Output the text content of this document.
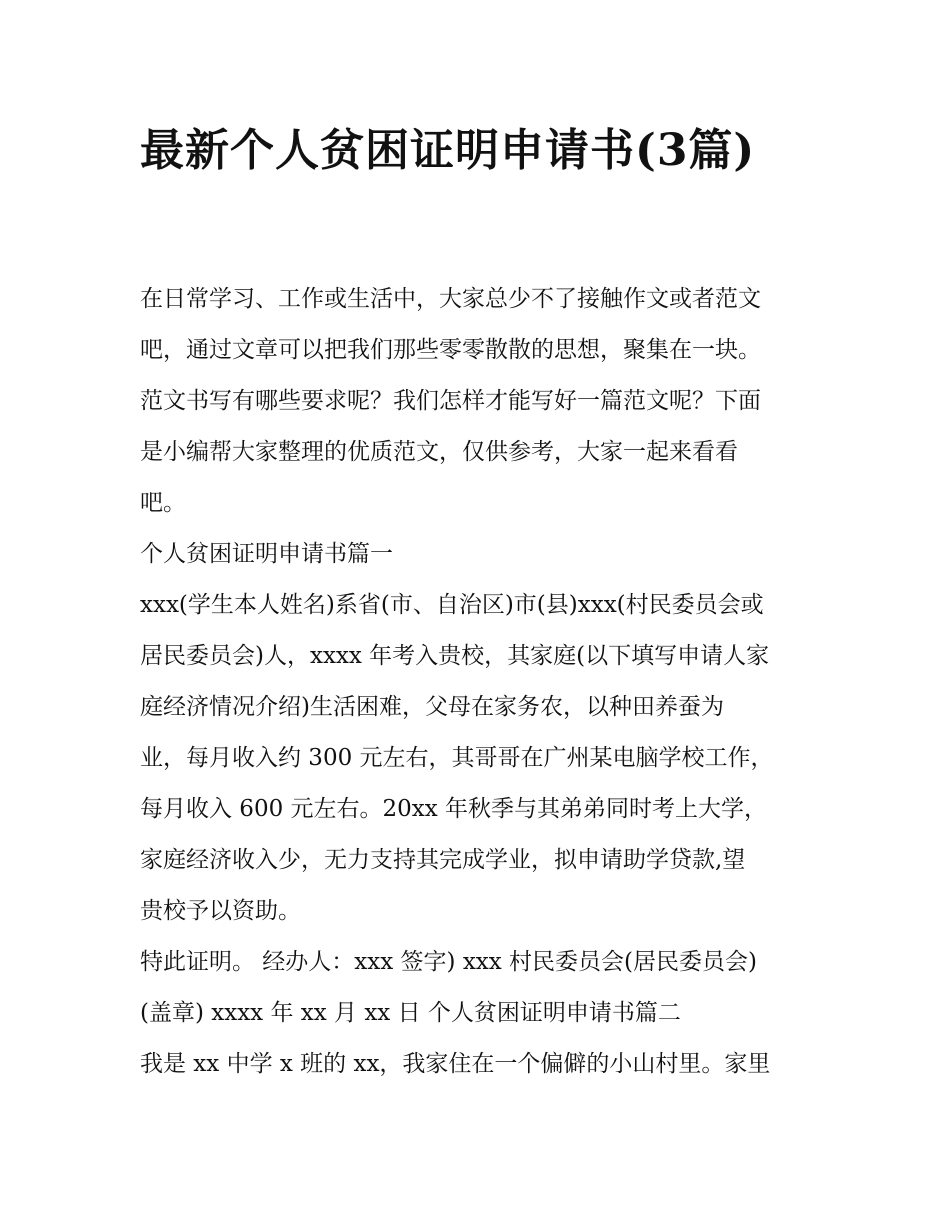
最新个人贫困证明申请书(3篇)
在日常学习、工作或生活中，大家总少不了接触作文或者范文
吧，通过文章可以把我们那些零零散散的思想，聚集在一块。
范文书写有哪些要求呢？我们怎样才能写好一篇范文呢？下面
是小编帮大家整理的优质范文，仅供参考，大家一起来看看
吧。
个人贫困证明申请书篇一
xxx(学生本人姓名)系省(市、自治区)市(县)xxx(村民委员会或
居民委员会)人，xxxx 年考入贵校，其家庭(以下填写申请人家
庭经济情况介绍)生活困难，父母在家务农，以种田养蚕为
业，每月收入约 300 元左右，其哥哥在广州某电脑学校工作，
每月收入 600 元左右。20xx 年秋季与其弟弟同时考上大学，
家庭经济收入少，无力支持其完成学业，拟申请助学贷款,望
贵校予以资助。
特此证明。 经办人：xxx 签字) xxx 村民委员会(居民委员会)
(盖章) xxxx 年 xx 月 xx 日 个人贫困证明申请书篇二
我是 xx 中学 x 班的 xx，我家住在一个偏僻的小山村里。家里
